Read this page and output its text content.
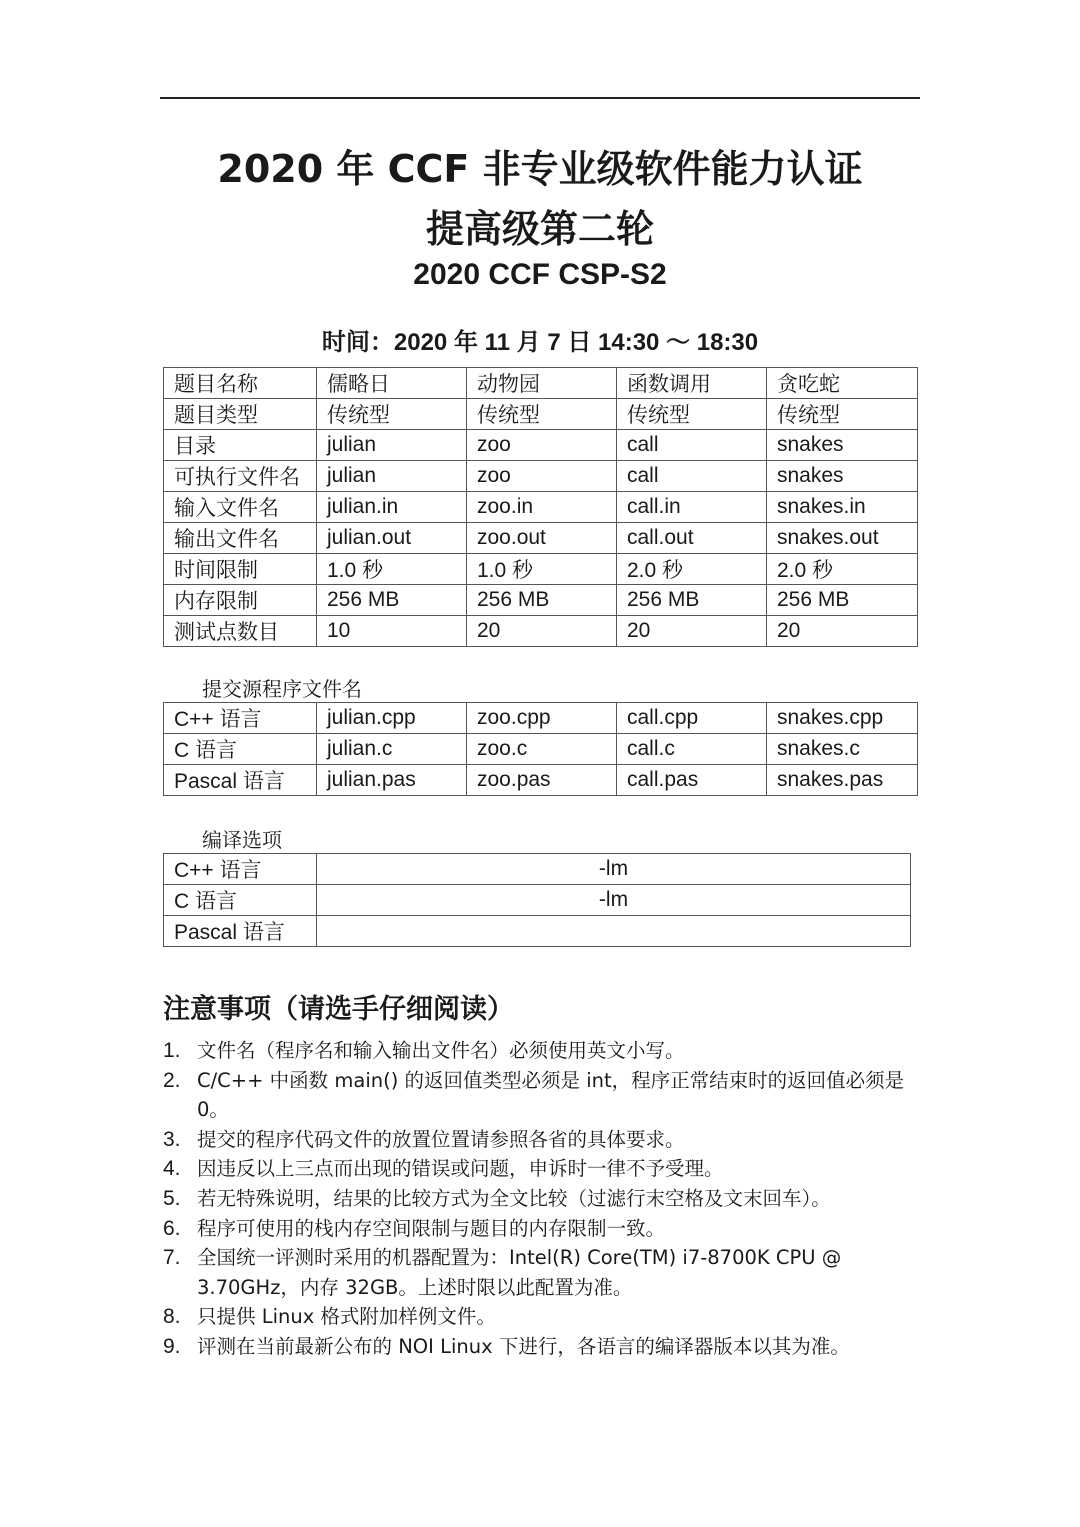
2020 年 CCF 非专业级软件能力认证
提高级第二轮
2020 CCF CSP-S2
时间：2020 年 11 月 7 日 14:30 ～ 18:30
题目名称	儒略日	动物园	函数调用	贪吃蛇
题目类型	传统型	传统型	传统型	传统型
目录	julian	zoo	call	snakes
可执行文件名	julian	zoo	call	snakes
输入文件名	julian.in	zoo.in	call.in	snakes.in
输出文件名	julian.out	zoo.out	call.out	snakes.out
时间限制	1.0 秒	1.0 秒	2.0 秒	2.0 秒
内存限制	256 MB	256 MB	256 MB	256 MB
测试点数目	10	20	20	20
提交源程序文件名
C++ 语言	julian.cpp	zoo.cpp	call.cpp	snakes.cpp
C 语言	julian.c	zoo.c	call.c	snakes.c
Pascal 语言	julian.pas	zoo.pas	call.pas	snakes.pas
编译选项
C++ 语言	-lm
C 语言	-lm
Pascal 语言	
注意事项（请选手仔细阅读）
1. 文件名（程序名和输入输出文件名）必须使用英文小写。
2. C/C++ 中函数 main() 的返回值类型必须是 int，程序正常结束时的返回值必须是 0。
3. 提交的程序代码文件的放置位置请参照各省的具体要求。
4. 因违反以上三点而出现的错误或问题，申诉时一律不予受理。
5. 若无特殊说明，结果的比较方式为全文比较（过滤行末空格及文末回车）。
6. 程序可使用的栈内存空间限制与题目的内存限制一致。
7. 全国统一评测时采用的机器配置为：Intel(R) Core(TM) i7-8700K CPU @ 3.70GHz，内存 32GB。上述时限以此配置为准。
8. 只提供 Linux 格式附加样例文件。
9. 评测在当前最新公布的 NOI Linux 下进行，各语言的编译器版本以其为准。
